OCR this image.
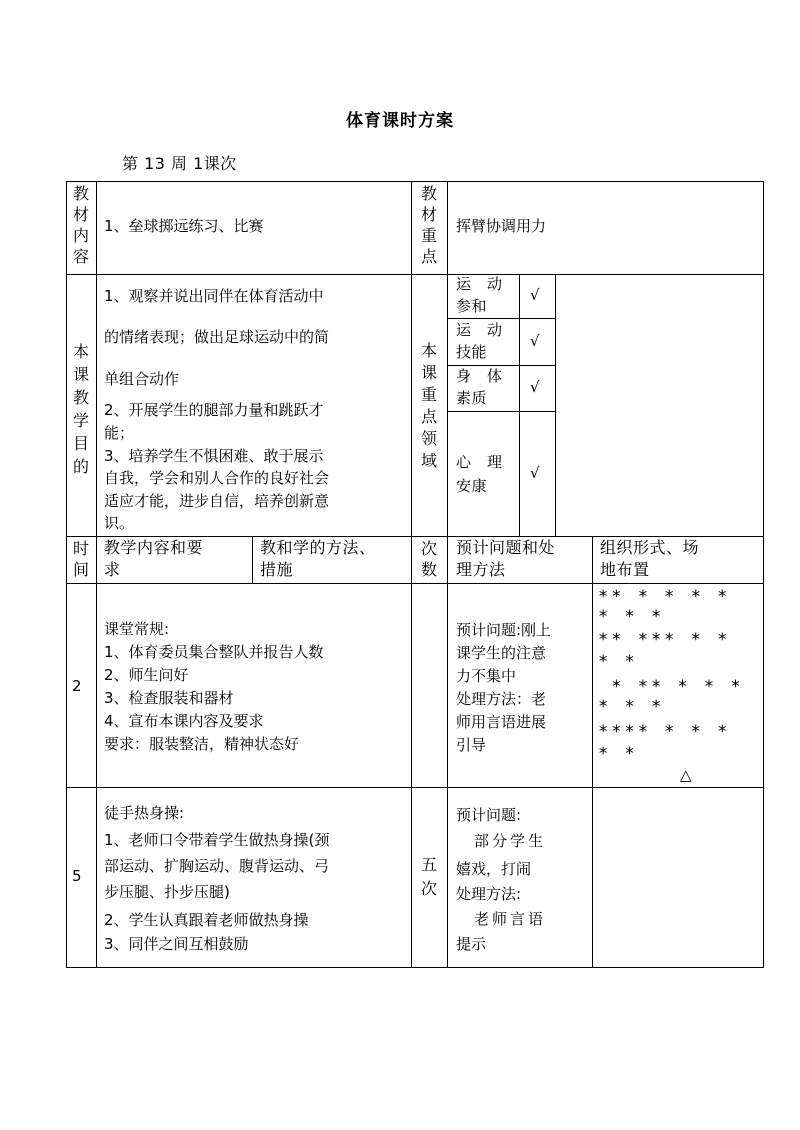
体育课时方案
第 13 周 1课次
教材内容
1、垒球掷远练习、比赛
教材重点
挥臂协调用力
本课教学目的
1、观察并说出同伴在体育活动中
的情绪表现；做出足球运动中的简
单组合动作
2、开展学生的腿部力量和跳跃才
能；
3、培养学生不惧困难、敢于展示
自我，学会和别人合作的良好社会
适应才能，进步自信，培养创新意
识。
本课重点领域
运　动
参和
√
运　动
技能
√
身　体
素质
√
心　理
安康
√
时间
教学内容和要
求
教和学的方法、
措施
次数
预计问题和处
理方法
组织形式、场
地布置
2
课堂常规:
1、体育委员集合整队并报告人数
2、师生问好
3、检查服装和器材
4、宣布本课内容及要求
要求：服装整洁，精神状态好
预计问题:刚上
课学生的注意
力不集中
处理方法：老
师用言语进展
引导
** * * * *
* * *
** *** * *
* *
* ** * * *
* * *
**** * * *
* *
△
5
徒手热身操:
1、老师口令带着学生做热身操(颈
部运动、扩胸运动、腹背运动、弓
步压腿、扑步压腿)
2、学生认真跟着老师做热身操
3、同伴之间互相鼓励
五次
预计问题:
　部分学生
嬉戏，打闹
处理方法:
　老师言语
提示
